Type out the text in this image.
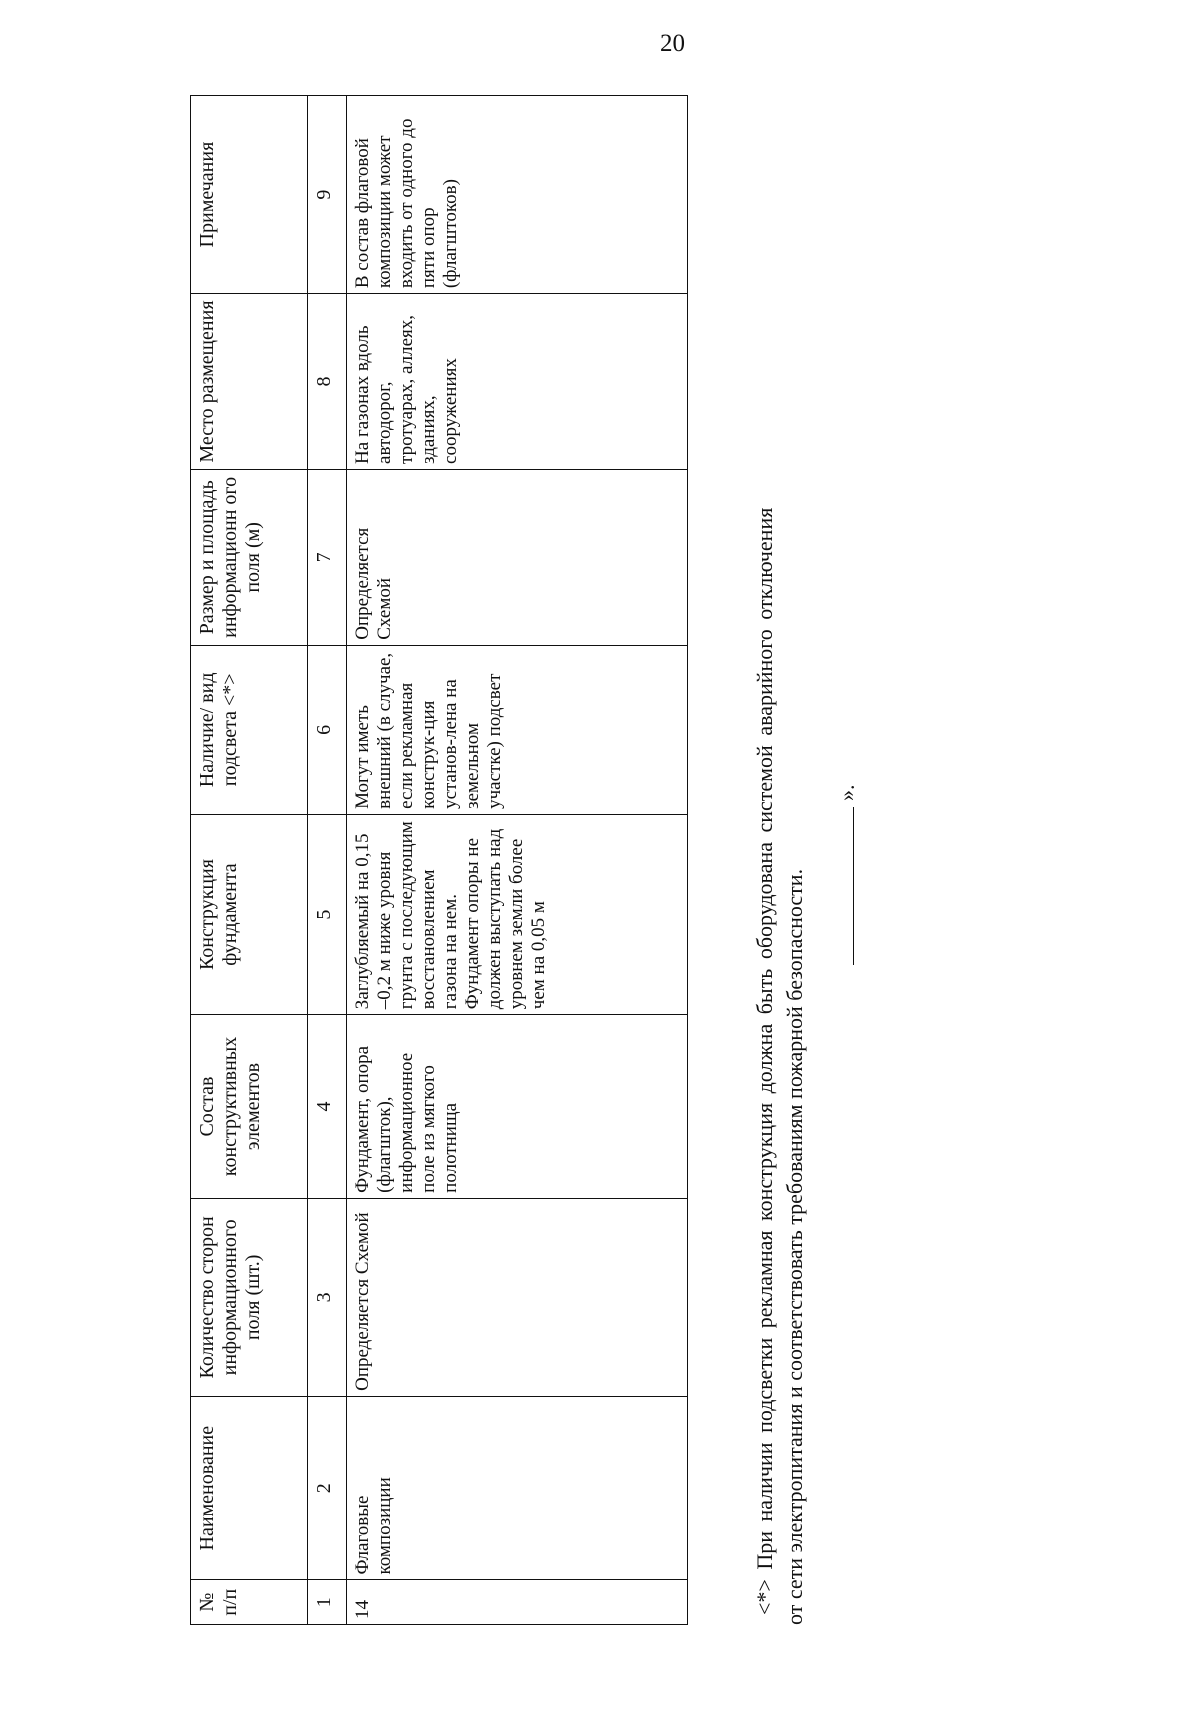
20
№ п/п	Наименование	Количество сторон информационного поля (шт.)	Состав конструктивных элементов	Конструкция фундамента	Наличие/ вид подсвета <*>	Размер и площадь информационн ого поля (м)	Место размещения	Примечания
1	2	3	4	5	6	7	8	9
14	Флаговые композиции	Определяется Схемой	Фундамент, опора (флагшток), информационное поле из мягкого полотнища	Заглубляемый на 0,15 –0,2 м ниже уровня грунта с последующим восстановлением газона на нем. Фундамент опоры не должен выступать над уровнем земли более чем на 0,05 м	Могут иметь внешний (в случае, если рекламная конструк-ция установ-лена на земельном участке) подсвет	Определяется Схемой	На газонах вдоль автодорог, тротуарах, аллеях, зданиях, сооружениях	В состав флаговой композиции может входить от одного до пяти опор (флагштоков)
<*> При наличии подсветки рекламная конструкция должна быть оборудована системой аварийного отключения от сети электропитания и соответствовать требованиям пожарной безопасности.
».
